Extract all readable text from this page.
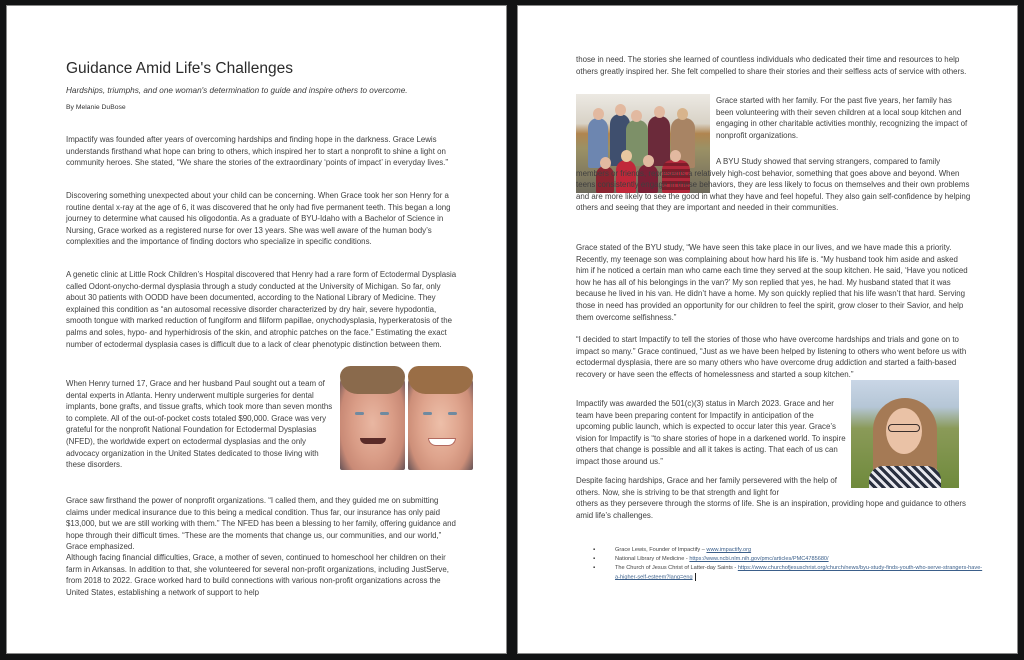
Guidance Amid Life's Challenges
Hardships, triumphs, and one woman's determination to guide and inspire others to overcome.
By Melanie DuBose

Impactify was founded after years of overcoming hardships and finding hope in the darkness. Grace Lewis understands firsthand what hope can bring to others, which inspired her to start a nonprofit to shine a light on community heroes. She stated, “We share the stories of the extraordinary ‘points of impact’ in everyday lives.”

Discovering something unexpected about your child can be concerning. When Grace took her son Henry for a routine dental x-ray at the age of 6, it was discovered that he only had five permanent teeth. This began a long journey to determine what caused his oligodontia. As a graduate of BYU-Idaho with a Bachelor of Science in Nursing, Grace worked as a registered nurse for over 13 years. She was well aware of the human body’s complexities and the importance of finding doctors who specialize in specific conditions.

A genetic clinic at Little Rock Children’s Hospital discovered that Henry had a rare form of Ectodermal Dysplasia called Odont-onycho-dermal dysplasia through a study conducted at the University of Michigan. So far, only about 30 patients with OODD have been documented, according to the National Library of Medicine. They explained this condition as “an autosomal recessive disorder characterized by dry hair, severe hypodontia, smooth tongue with marked reduction of fungiform and filiform papillae, onychodysplasia, hyperkeratosis of the palms and soles, hypo- and hyperhidrosis of the skin, and atrophic patches on the face.” Estimating the exact number of ectodermal dysplasia cases is difficult due to a lack of clear phenotypic distinction between them.

When Henry turned 17, Grace and her husband Paul sought out a team of dental experts in Atlanta. Henry underwent multiple surgeries for dental implants, bone grafts, and tissue grafts, which took more than seven months to complete. All of the out-of-pocket costs totaled $90,000. Grace was very grateful for the nonprofit National Foundation for Ectodermal Dysplasias (NFED), the worldwide expert on ectodermal dysplasias and the only advocacy organization in the United States dedicated to those living with these disorders.

Grace saw firsthand the power of nonprofit organizations. “I called them, and they guided me on submitting claims under medical insurance due to this being a medical condition. Thus far, our insurance has only paid $13,000, but we are still working with them.” The NFED has been a blessing to her family, offering guidance and hope through their difficult times. “These are the moments that change us, our communities, and our world,” Grace emphasized.

Although facing financial difficulties, Grace, a mother of seven, continued to homeschool her children on their farm in Arkansas. In addition to that, she volunteered for several non-profit organizations, including JustServe, from 2018 to 2022. Grace worked hard to build connections with various non-profit organizations across the United States, establishing a network of support to help

those in need. The stories she learned of countless individuals who dedicated their time and resources to help others greatly inspired her. She felt compelled to share their stories and their selfless acts of service with others.

Grace started with her family. For the past five years, her family has been volunteering with their seven children at a local soup kitchen and engaging in other charitable activities monthly, recognizing the impact of nonprofit organizations.

A BYU Study showed that serving strangers, compared to family members or friends, represents a relatively high-cost behavior, something that goes above and beyond. When teens consistently engage in these behaviors, they are less likely to focus on themselves and their own problems and are more likely to see the good in what they have and feel hopeful. They also gain self-confidence by helping others and seeing that they are important and needed in their communities.

Grace stated of the BYU study, “We have seen this take place in our lives, and we have made this a priority. Recently, my teenage son was complaining about how hard his life is. “My husband took him aside and asked him if he noticed a certain man who came each time they served at the soup kitchen. He said, ‘Have you noticed how he has all of his belongings in the van?’ My son replied that yes, he had. My husband stated that it was because he lived in his van. He didn’t have a home. My son quickly replied that his life wasn’t that hard. Serving those in need has provided an opportunity for our children to feel the spirit, grow closer to their Savior, and help them overcome selfishness.”

“I decided to start Impactify to tell the stories of those who have overcome hardships and trials and gone on to impact so many.” Grace continued, “Just as we have been helped by listening to others who went before us with ectodermal dysplasia, there are so many others who have overcome drug addiction and started a faith-based recovery or have seen the effects of homelessness and started a soup kitchen.”

Impactify was awarded the 501(c)(3) status in March 2023. Grace and her team have been preparing content for Impactify in anticipation of the upcoming public launch, which is expected to occur later this year. Grace’s vision for Impactify is “to share stories of hope in a darkened world. To inspire others that change is possible and all it takes is acting. That each of us can impact those around us.”

Despite facing hardships, Grace and her family persevered with the help of others. Now, she is striving to be that strength and light for
others as they persevere through the storms of life. She is an inspiration, providing hope and guidance to others amid life’s challenges.

▪ Grace Lewis, Founder of Impactify – www.impactify.org
▪ National Library of Medicine - https://www.ncbi.nlm.nih.gov/pmc/articles/PMC4785680/
▪ The Church of Jesus Christ of Latter-day Saints - https://www.churchofjesuschrist.org/church/news/byu-study-finds-youth-who-serve-strangers-have-a-higher-self-esteem?lang=eng
